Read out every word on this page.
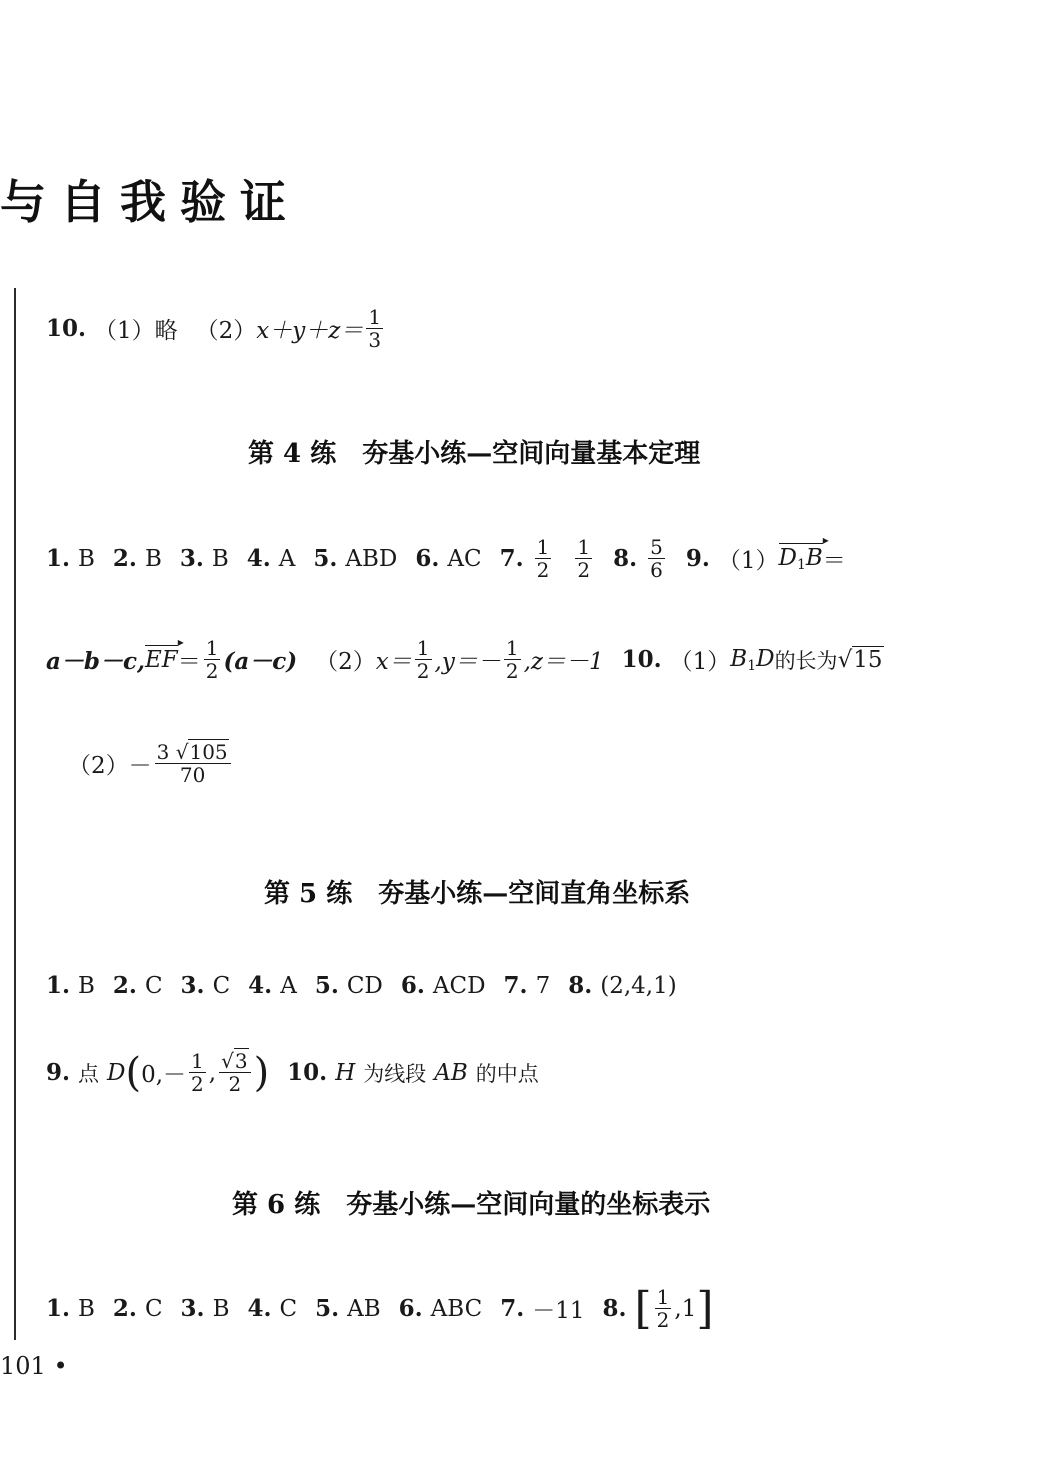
与自我验证
10. （1）略 （2） $x+y+z= \frac{1}{3}$
第 4 练　夯基小练—空间向量基本定理
1. B 2. B 3. B 4. A 5. ABD 6. AC 7. $\frac{1}{2} \frac{1}{2} 8$. $\frac{5}{6} 9$. （1） $D_1B$ ▸ ＝
a－b－c, EF ▸ ＝ $\frac{1}{2} (a-c)$ （2） $x= \frac{1}{2} ,y=- \frac{1}{2} ,z=-1$ 10. （1） $B_1D$ 的长为 √15
$(2)- \frac{3 √105}{70}$
第 5 练　夯基小练—空间直角坐标系
1. B 2. C 3. C 4. A 5. CD 6. ACD 7. 7 8. (2,4,1)
9. 点 D ( $0,- \frac{1}{2}$ , $\frac{√3}{2}$ ) 10. H 为线段 AB 的中点
第 6 练　夯基小练—空间向量的坐标表示
1. B 2. C 3. B 4. C 5. AB 6. ABC 7. －11 8. [ $\frac{1}{2} ,1$ ]
101 •
